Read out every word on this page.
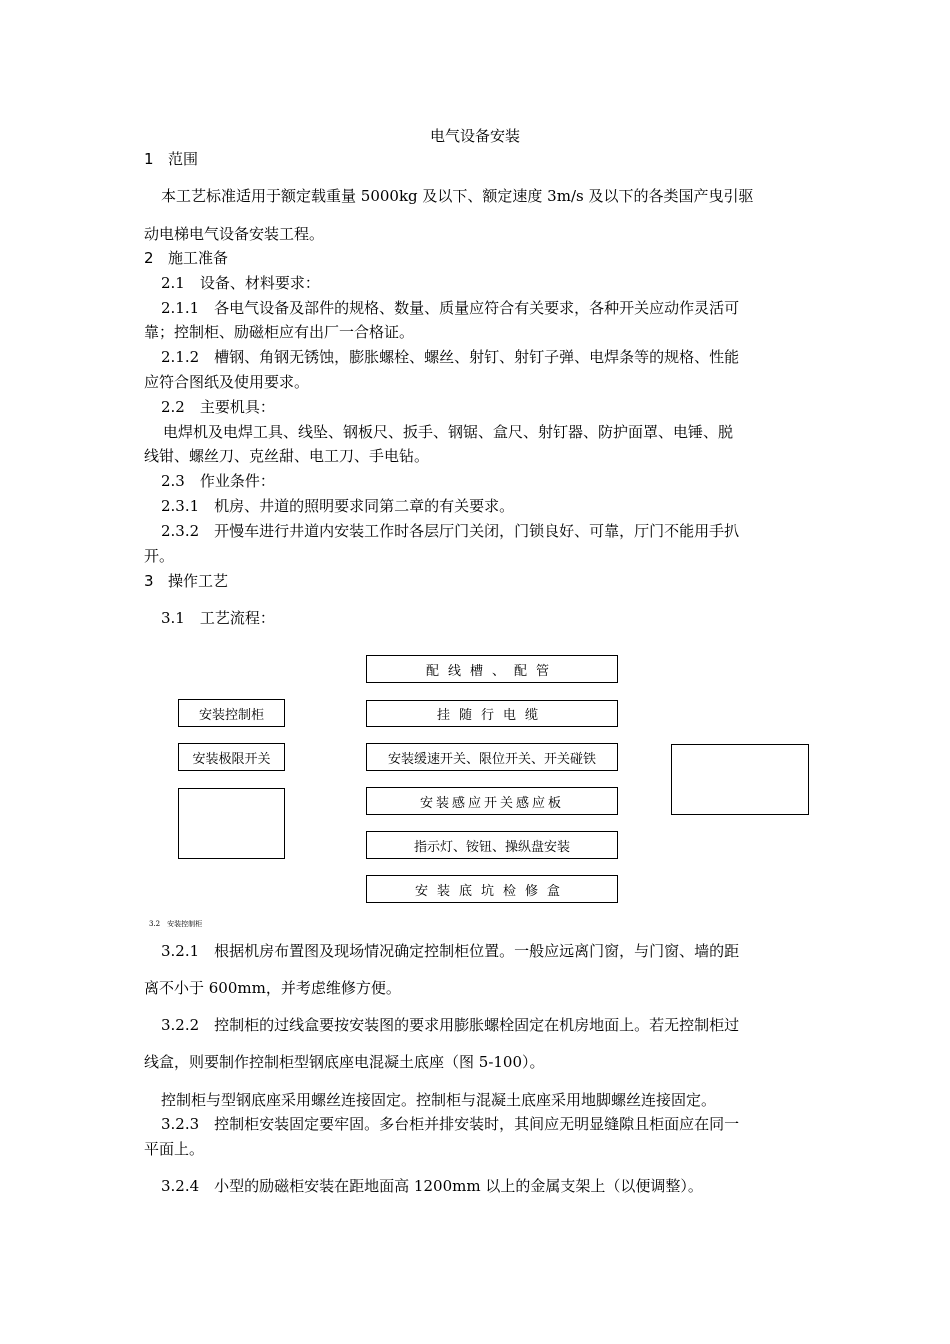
电气设备安装
1 范围
本工艺标准适用于额定载重量 5000kg 及以下、额定速度 3m/s 及以下的各类国产曳引驱
动电梯电气设备安装工程。
2 施工准备
2.1　设备、材料要求：
2.1.1　各电气设备及部件的规格、数量、质量应符合有关要求，各种开关应动作灵活可
靠；控制柜、励磁柜应有出厂一合格证。
2.1.2　槽钢、角钢无锈蚀，膨胀螺栓、螺丝、射钉、射钉子弹、电焊条等的规格、性能
应符合图纸及使用要求。
2.2　主要机具：
电焊机及电焊工具、线坠、钢板尺、扳手、钢锯、盒尺、射钉器、防护面罩、电锤、脱
线钳、螺丝刀、克丝甜、电工刀、手电钻。
2.3　作业条件：
2.3.1　机房、井道的照明要求同第二章的有关要求。
2.3.2　开慢车进行井道内安装工作时各层厅门关闭，门锁良好、可靠，厅门不能用手扒
开。
3 操作工艺
3.1　工艺流程：
配线槽、配管
挂随行电缆
安装缓速开关、限位开关、开关碰铁
安装感应开关感应板
指示灯、铵钮、操纵盘安装
安装底坑检修盒
安装控制柜
安装极限开关
3.2　安装控制柜
3.2.1　根据机房布置图及现场情况确定控制柜位置。一般应远离门窗，与门窗、墙的距
离不小于 600mm，并考虑维修方便。
3.2.2　控制柜的过线盒要按安装图的要求用膨胀螺栓固定在机房地面上。若无控制柜过
线盒，则要制作控制柜型钢底座电混凝土底座（图 5-100）。
控制柜与型钢底座采用螺丝连接固定。控制柜与混凝土底座采用地脚螺丝连接固定。
3.2.3　控制柜安装固定要牢固。多台柜并排安装时，其间应无明显缝隙且柜面应在同一
平面上。
3.2.4　小型的励磁柜安装在距地面高 1200mm 以上的金属支架上（以便调整）。
